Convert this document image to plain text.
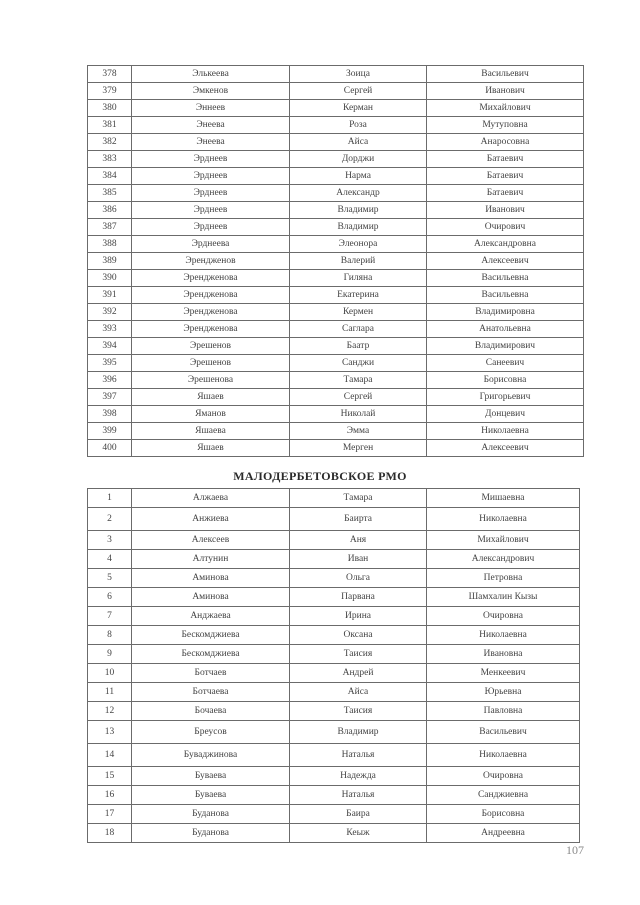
378	Элькеева	Зоица	Васильевич
379	Эмкенов	Сергей	Иванович
380	Эннеев	Керман	Михайлович
381	Энеева	Роза	Мутуповна
382	Энеева	Айса	Анаросовна
383	Эрднеев	Дорджи	Батаевич
384	Эрднеев	Нарма	Батаевич
385	Эрднеев	Александр	Батаевич
386	Эрднеев	Владимир	Иванович
387	Эрднеев	Владимир	Очирович
388	Эрднеева	Элеонора	Александровна
389	Эрендженов	Валерий	Алексеевич
390	Эрендженова	Гиляна	Васильевна
391	Эрендженова	Екатерина	Васильевна
392	Эрендженова	Кермен	Владимировна
393	Эрендженова	Саглара	Анатольевна
394	Эрешенов	Баатр	Владимирович
395	Эрешенов	Санджи	Санеевич
396	Эрешенова	Тамара	Борисовна
397	Яшаев	Сергей	Григорьевич
398	Яманов	Николай	Донцевич
399	Яшаева	Эмма	Николаевна
400	Яшаев	Мерген	Алексеевич
МАЛОДЕРБЕТОВСКОЕ РМО
1	Алжаева	Тамара	Мишаевна
2	Анжиева	Баирта	Николаевна
3	Алексеев	Аня	Михайлович
4	Алтунин	Иван	Александрович
5	Аминова	Ольга	Петровна
6	Аминова	Парвана	Шамхалин Кызы
7	Анджаева	Ирина	Очировна
8	Бескомджиева	Оксана	Николаевна
9	Бескомджиева	Таисия	Ивановна
10	Ботчаев	Андрей	Менкеевич
11	Ботчаева	Айса	Юрьевна
12	Бочаева	Таисия	Павловна
13	Бреусов	Владимир	Васильевич
14	Буваджинова	Наталья	Николаевна
15	Буваева	Надежда	Очировна
16	Буваева	Наталья	Санджиевна
17	Буданова	Баира	Борисовна
18	Буданова	Кеыж	Андреевна
107
